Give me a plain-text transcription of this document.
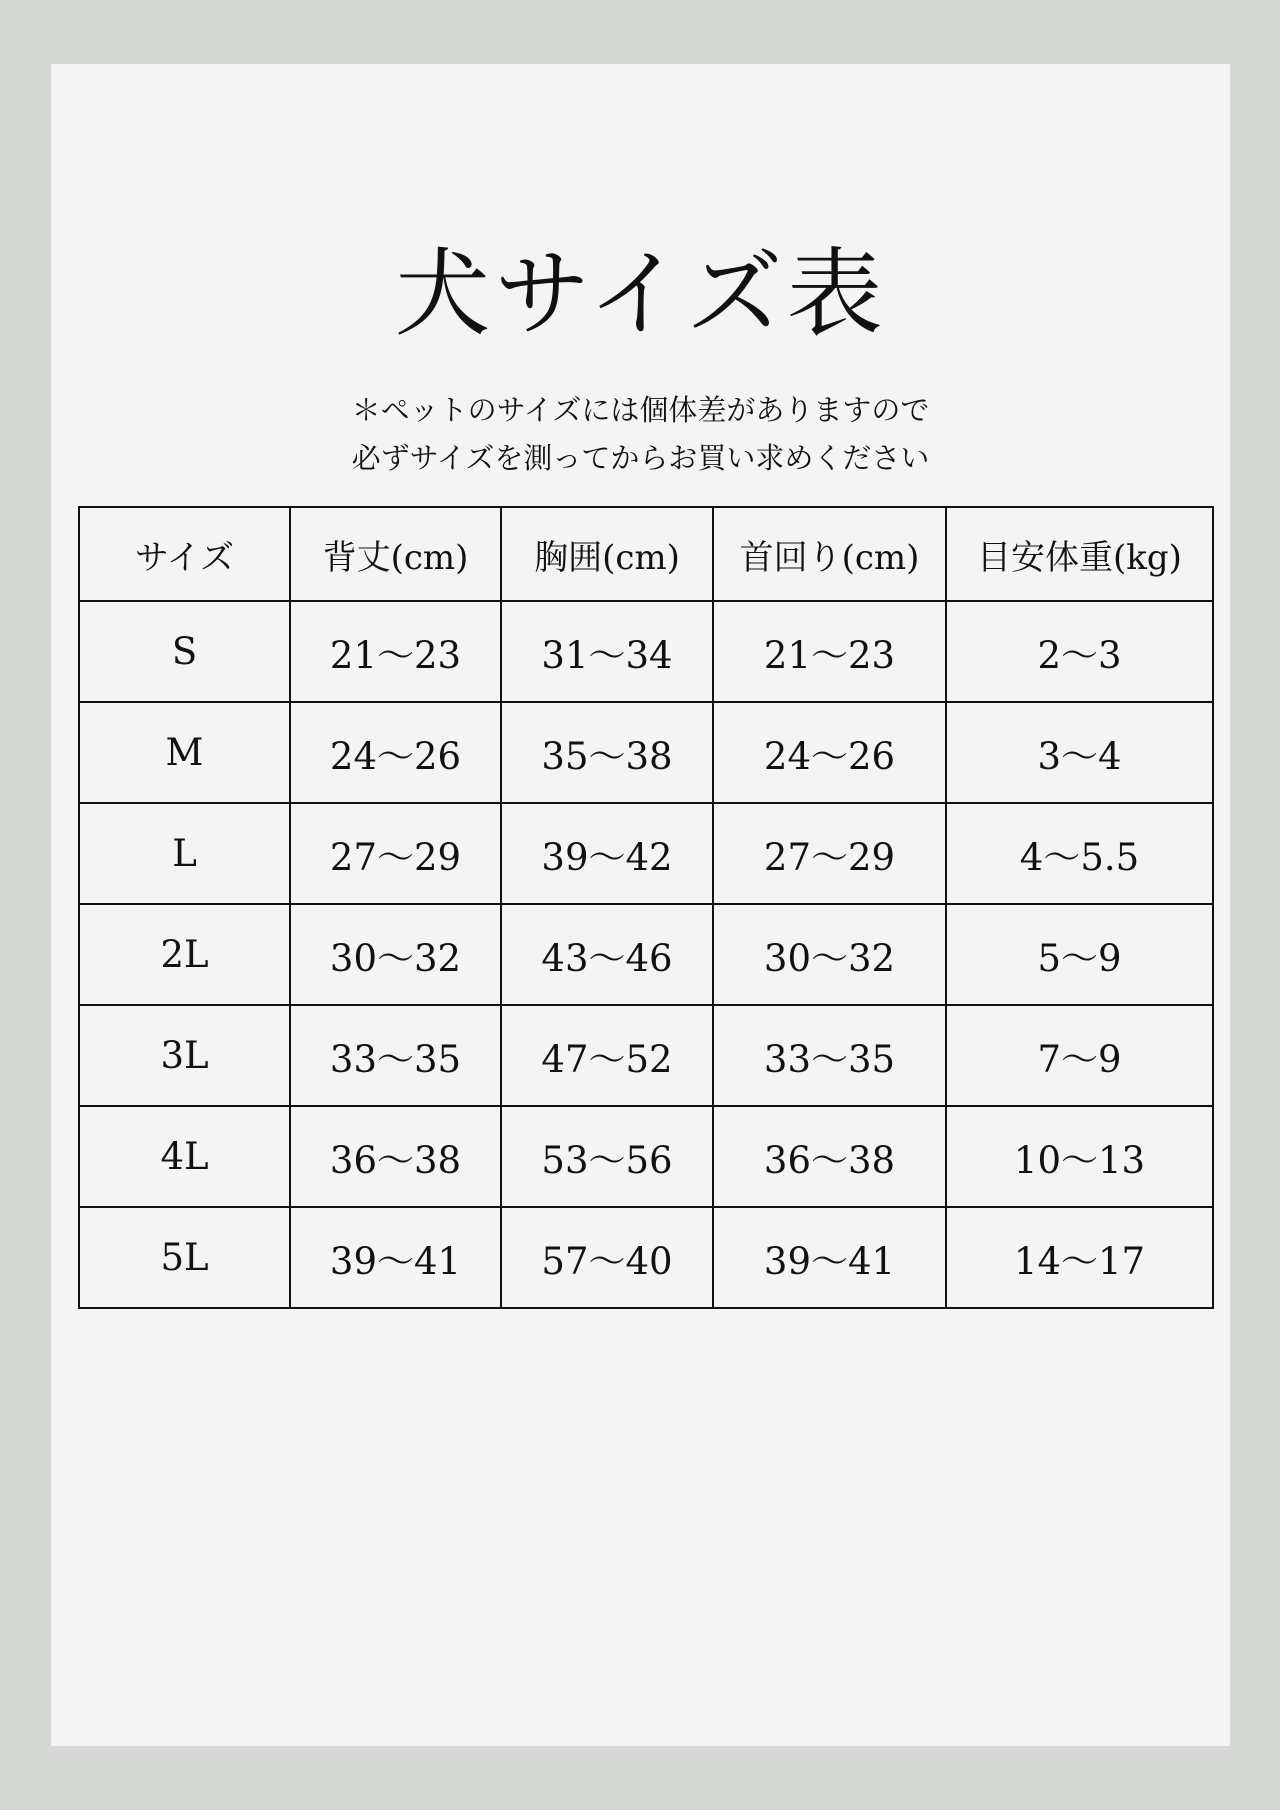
犬サイズ表

＊ペットのサイズには個体差がありますので

必ずサイズを測ってからお買い求めください

サイズ	背丈(cm)	胸囲(cm)	首回り(cm)	目安体重(kg)
S	21～23	31～34	21～23	2～3
M	24～26	35～38	24～26	3～4
L	27～29	39～42	27～29	4～5.5
2L	30～32	43～46	30～32	5～9
3L	33～35	47～52	33～35	7～9
4L	36～38	53～56	36～38	10～13
5L	39～41	57～40	39～41	14～17
